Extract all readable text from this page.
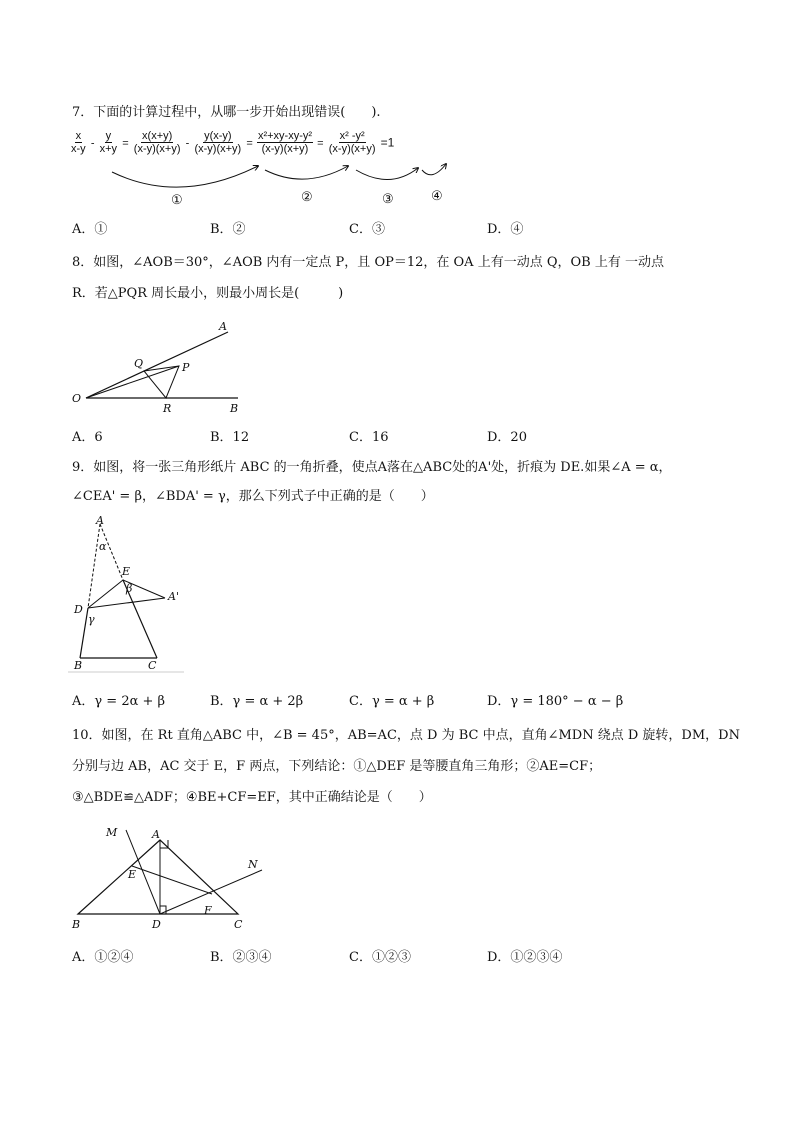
7．下面的计算过程中，从哪一步开始出现错误(　　).
$\frac{x}{x-y} - \frac{y}{x+y} = \frac{x(x+y)}{(x-y)(x+y)} - \frac{y(x-y)}{(x-y)(x+y)} = \frac{\text{x²+xy-xy-y²}}{(x-y)(x+y)} = \frac{\text{x² -y²}}{(x-y)(x+y)} =1$
①	②	③	④
A．①	B．②	C．③	D．④
8．如图，∠AOB＝30°，∠AOB 内有一定点 P，且 OP＝12，在 OA 上有一动点 Q，OB 上有 一动点
R．若△PQR 周长最小，则最小周长是(　　　)
O
A
B
Q	P
R
A．6	B．12	C．16	D．20
9．如图，将一张三角形纸片 ABC 的一角折叠，使点A落在△ABC处的A'处，折痕为 DE.如果∠A = α，
∠CEA' = β，∠BDA' = γ，那么下列式子中正确的是（　　）
A
α
E
β
A'
D
γ
B	C
A．γ = 2α + β	B．γ = α + 2β	C．γ = α + β	D．γ = 180° − α − β
10．如图，在 Rt 直角△ABC 中，∠B = 45°，AB=AC，点 D 为 BC 中点，直角∠MDN 绕点 D 旋转，DM，DN
分别与边 AB，AC 交于 E，F 两点，下列结论：①△DEF 是等腰直角三角形；②AE=CF；
③△BDE≌△ADF；④BE+CF=EF，其中正确结论是（　　）
M	A
N
E
F
B	D	C
A．①②④	B．②③④	C．①②③	D．①②③④
